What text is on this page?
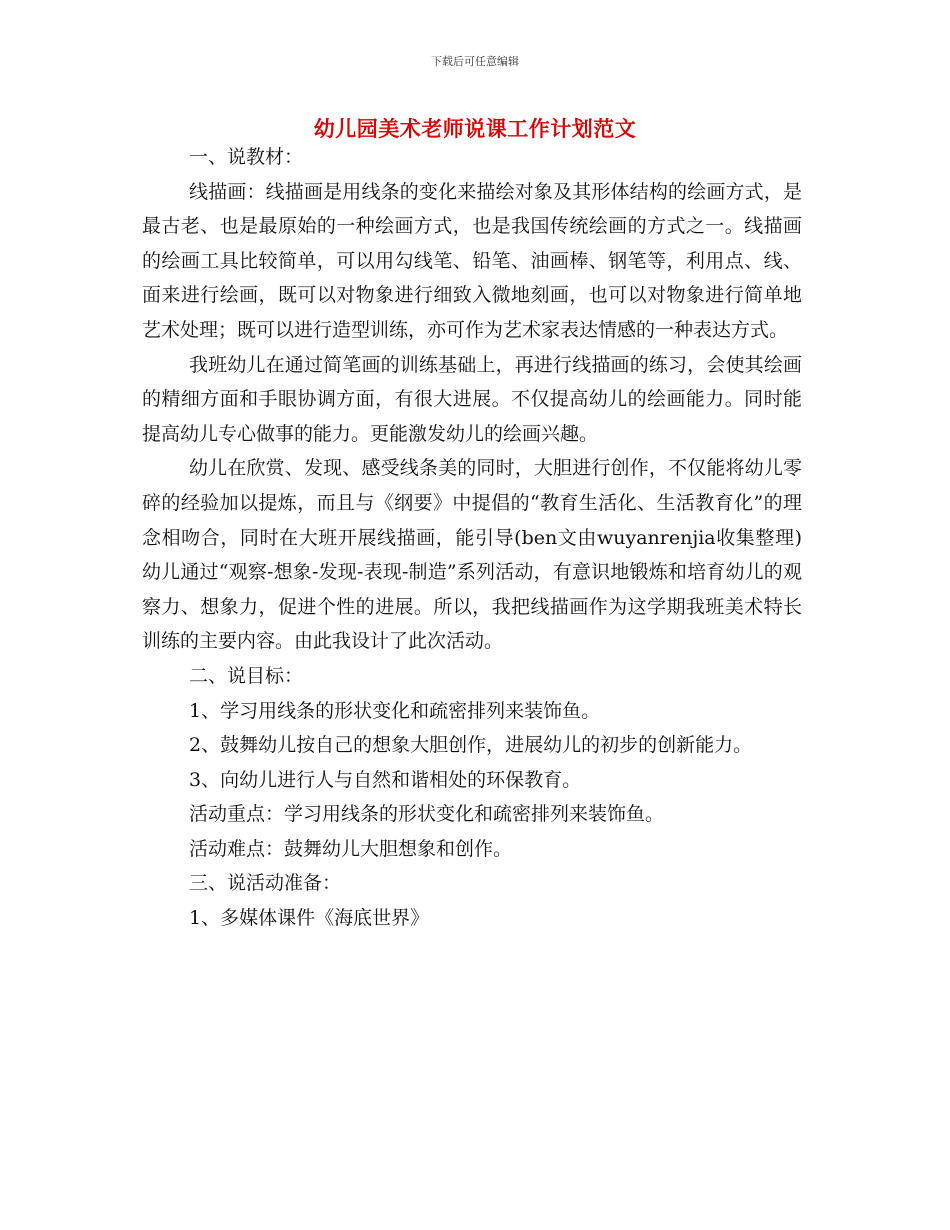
下载后可任意编辑
幼儿园美术老师说课工作计划范文

一、说教材：

线描画：线描画是用线条的变化来描绘对象及其形体结构的绘画方式，是最古老、也是最原始的一种绘画方式，也是我国传统绘画的方式之一。线描画的绘画工具比较简单，可以用勾线笔、铅笔、油画棒、钢笔等，利用点、线、面来进行绘画，既可以对物象进行细致入微地刻画，也可以对物象进行简单地艺术处理；既可以进行造型训练，亦可作为艺术家表达情感的一种表达方式。

我班幼儿在通过简笔画的训练基础上，再进行线描画的练习，会使其绘画的精细方面和手眼协调方面，有很大进展。不仅提高幼儿的绘画能力。同时能提高幼儿专心做事的能力。更能激发幼儿的绘画兴趣。

幼儿在欣赏、发现、感受线条美的同时，大胆进行创作，不仅能将幼儿零碎的经验加以提炼，而且与《纲要》中提倡的“教育生活化、生活教育化”的理念相吻合，同时在大班开展线描画，能引导(ben文由wuyanrenjia收集整理)幼儿通过“观察-想象-发现-表现-制造”系列活动，有意识地锻炼和培育幼儿的观察力、想象力，促进个性的进展。所以，我把线描画作为这学期我班美术特长训练的主要内容。由此我设计了此次活动。

二、说目标：

1、学习用线条的形状变化和疏密排列来装饰鱼。

2、鼓舞幼儿按自己的想象大胆创作，进展幼儿的初步的创新能力。

3、向幼儿进行人与自然和谐相处的环保教育。

活动重点：学习用线条的形状变化和疏密排列来装饰鱼。

活动难点：鼓舞幼儿大胆想象和创作。

三、说活动准备：

1、多媒体课件《海底世界》
